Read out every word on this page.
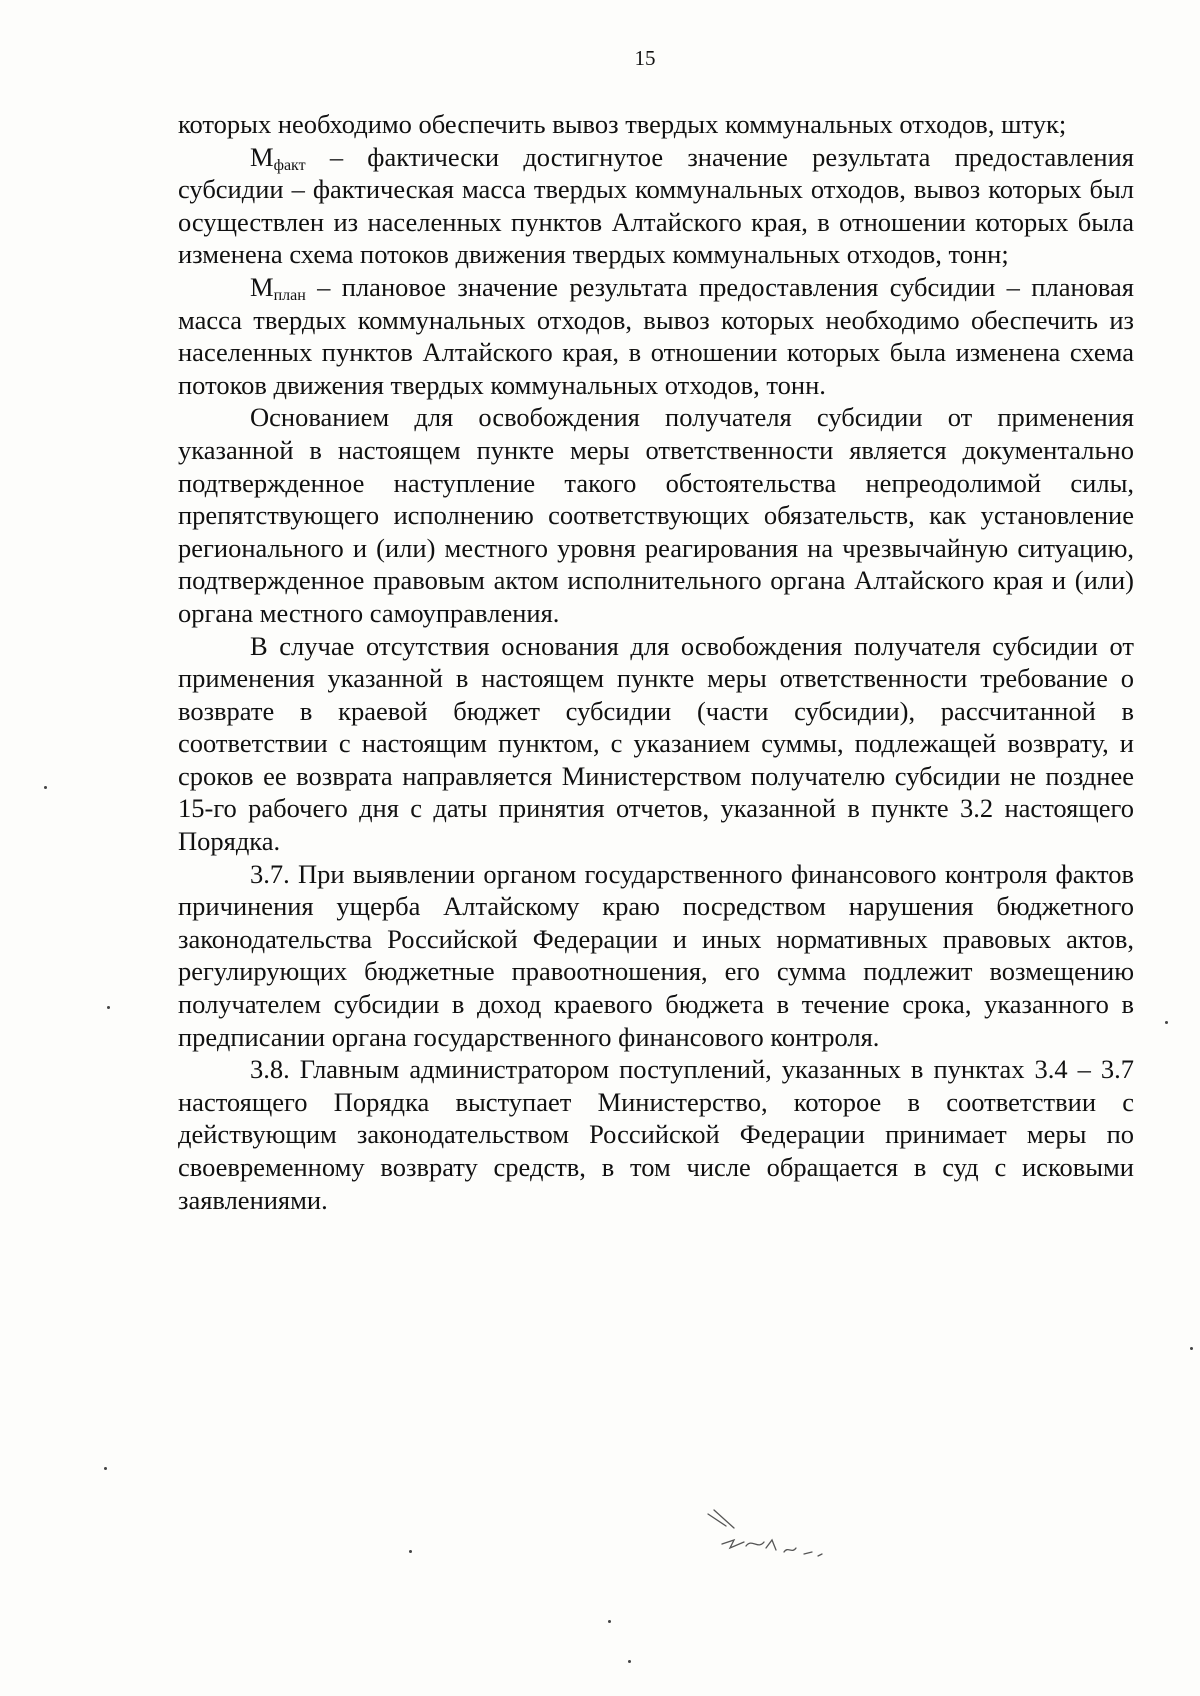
15

которых необходимо обеспечить вывоз твердых коммунальных отходов, штук;

$М_{факт}$ – фактически достигнутое значение результата предоставления субсидии – фактическая масса твердых коммунальных отходов, вывоз которых был осуществлен из населенных пунктов Алтайского края, в отношении которых была изменена схема потоков движения твердых коммунальных отходов, тонн;

$М_{план}$ – плановое значение результата предоставления субсидии – плановая масса твердых коммунальных отходов, вывоз которых необходимо обеспечить из населенных пунктов Алтайского края, в отношении которых была изменена схема потоков движения твердых коммунальных отходов, тонн.

Основанием для освобождения получателя субсидии от применения указанной в настоящем пункте меры ответственности является документально подтвержденное наступление такого обстоятельства непреодолимой силы, препятствующего исполнению соответствующих обязательств, как установление регионального и (или) местного уровня реагирования на чрезвычайную ситуацию, подтвержденное правовым актом исполнительного органа Алтайского края и (или) органа местного самоуправления.

В случае отсутствия основания для освобождения получателя субсидии от применения указанной в настоящем пункте меры ответственности требование о возврате в краевой бюджет субсидии (части субсидии), рассчитанной в соответствии с настоящим пунктом, с указанием суммы, подлежащей возврату, и сроков ее возврата направляется Министерством получателю субсидии не позднее 15-го рабочего дня с даты принятия отчетов, указанной в пункте 3.2 настоящего Порядка.

3.7. При выявлении органом государственного финансового контроля фактов причинения ущерба Алтайскому краю посредством нарушения бюджетного законодательства Российской Федерации и иных нормативных правовых актов, регулирующих бюджетные правоотношения, его сумма подлежит возмещению получателем субсидии в доход краевого бюджета в течение срока, указанного в предписании органа государственного финансового контроля.

3.8. Главным администратором поступлений, указанных в пунктах 3.4 – 3.7 настоящего Порядка выступает Министерство, которое в соответствии с действующим законодательством Российской Федерации принимает меры по своевременному возврату средств, в том числе обращается в суд с исковыми заявлениями.
